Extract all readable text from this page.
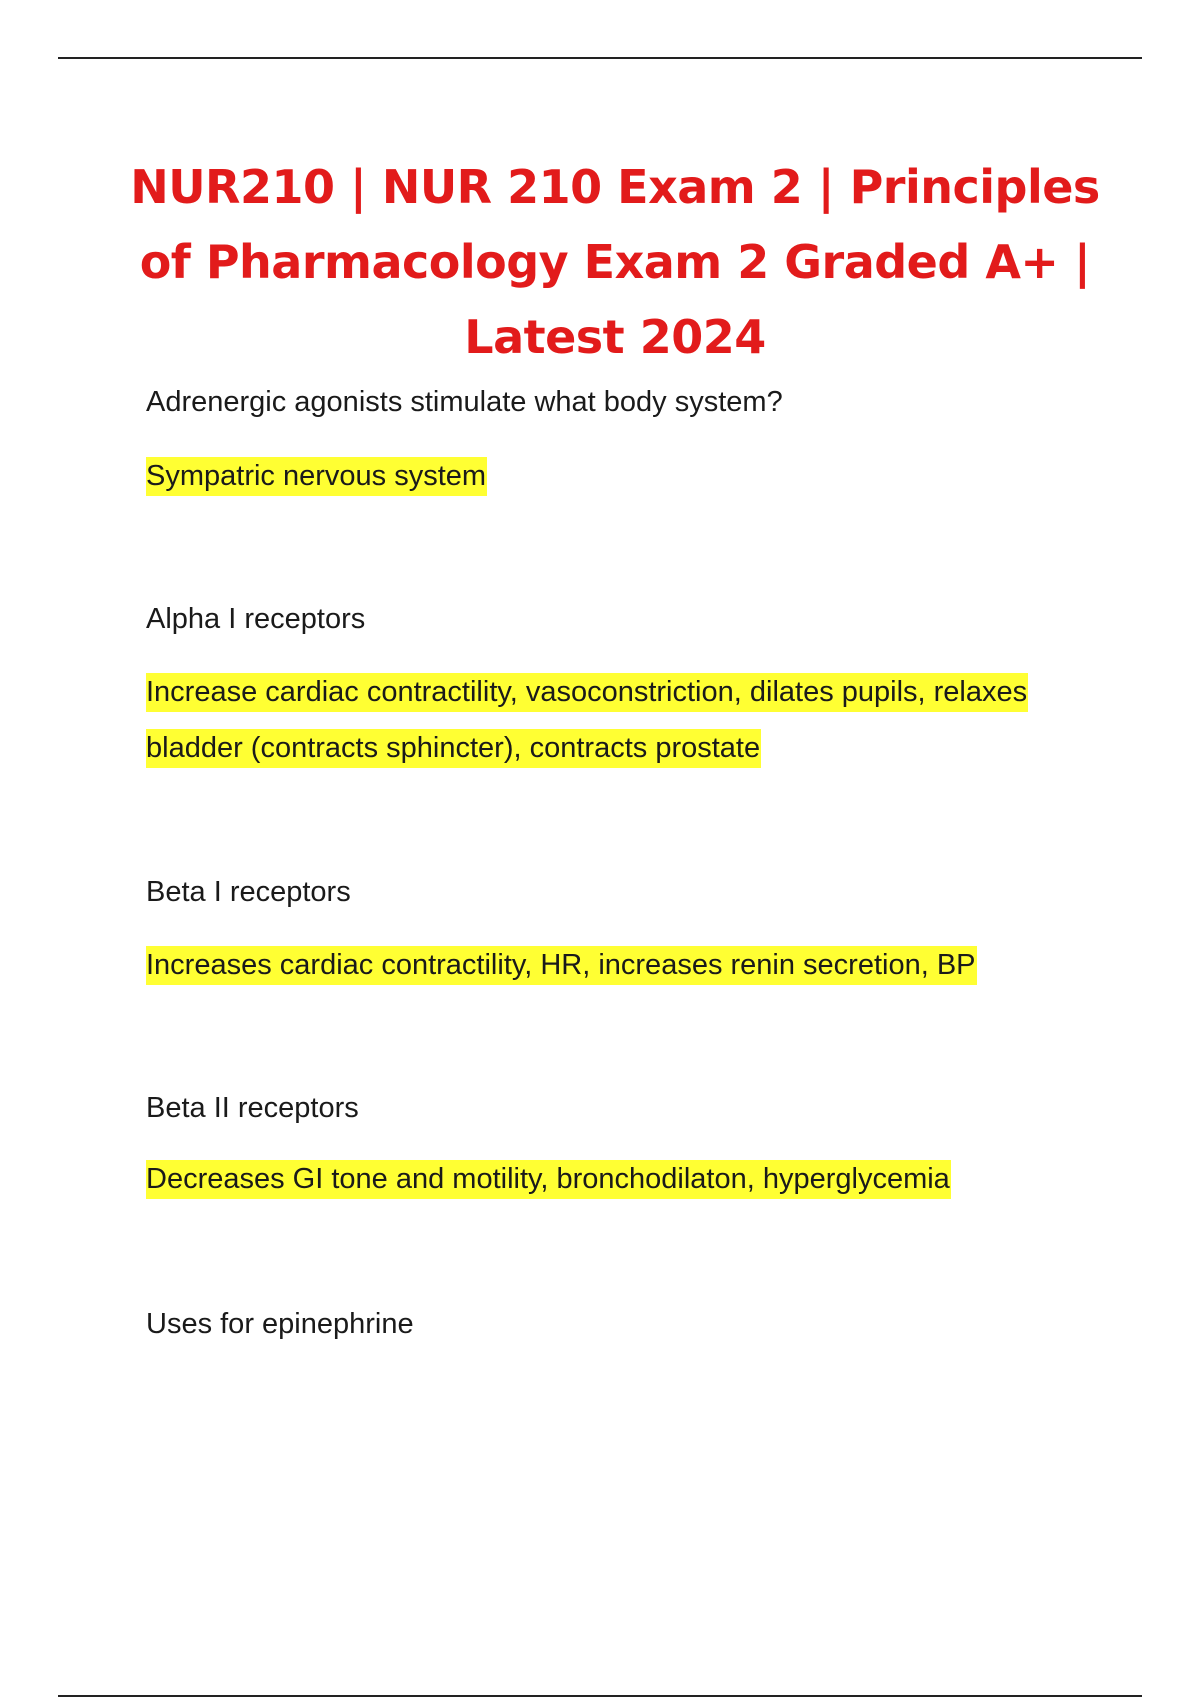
NUR210 | NUR 210 Exam 2 | Principles of Pharmacology Exam 2 Graded A+ | Latest 2024

Adrenergic agonists stimulate what body system?

Sympatric nervous system

Alpha I receptors

Increase cardiac contractility, vasoconstriction, dilates pupils, relaxes bladder (contracts sphincter), contracts prostate

Beta I receptors

Increases cardiac contractility, HR, increases renin secretion, BP

Beta II receptors

Decreases GI tone and motility, bronchodilaton, hyperglycemia

Uses for epinephrine
